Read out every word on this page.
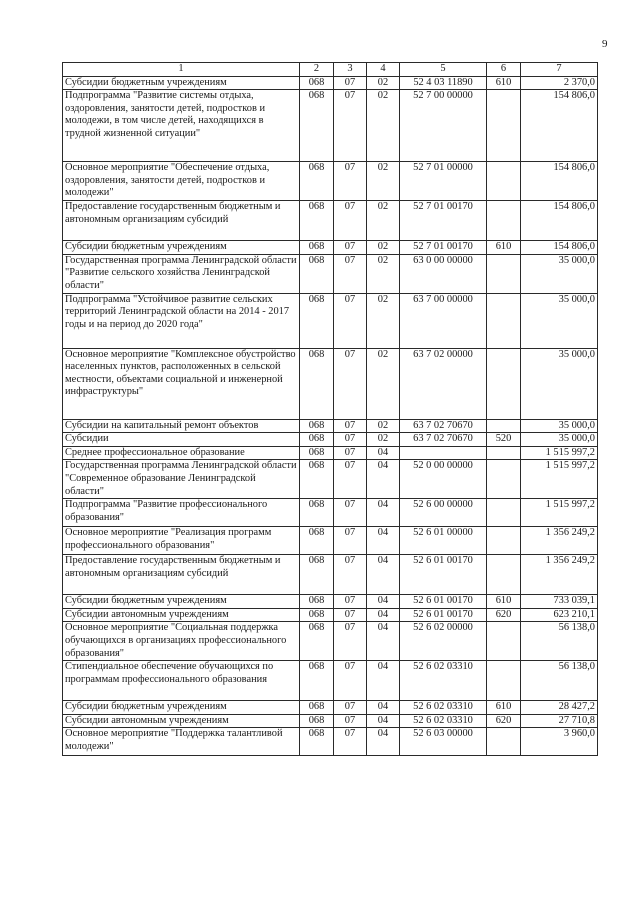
9
1	2	3	4	5	6	7
Субсидии бюджетным учреждениям	068	07	02	52 4 03 11890	610	2 370,0
Подпрограмма "Развитие системы отдыха, оздоровления, занятости детей, подростков и молодежи, в том числе детей, находящихся в трудной жизненной ситуации"	068	07	02	52 7 00 00000		154 806,0
Основное мероприятие "Обеспечение отдыха, оздоровления, занятости детей, подростков и молодежи"	068	07	02	52 7 01 00000		154 806,0
Предоставление государственным бюджетным и автономным организациям субсидий	068	07	02	52 7 01 00170		154 806,0
Субсидии бюджетным учреждениям	068	07	02	52 7 01 00170	610	154 806,0
Государственная программа Ленинградской области "Развитие сельского хозяйства Ленинградской области"	068	07	02	63 0 00 00000		35 000,0
Подпрограмма "Устойчивое развитие сельских территорий Ленинградской области на 2014 - 2017 годы и на период до 2020 года"	068	07	02	63 7 00 00000		35 000,0
Основное мероприятие "Комплексное обустройство населенных пунктов, расположенных в сельской местности, объектами социальной и инженерной инфраструктуры"	068	07	02	63 7 02 00000		35 000,0
Субсидии на капитальный ремонт объектов	068	07	02	63 7 02 70670		35 000,0
Субсидии	068	07	02	63 7 02 70670	520	35 000,0
Среднее профессиональное образование	068	07	04			1 515 997,2
Государственная программа Ленинградской области "Современное образование Ленинградской области"	068	07	04	52 0 00 00000		1 515 997,2
Подпрограмма "Развитие профессионального образования"	068	07	04	52 6 00 00000		1 515 997,2
Основное мероприятие "Реализация программ профессионального образования"	068	07	04	52 6 01 00000		1 356 249,2
Предоставление государственным бюджетным и автономным организациям субсидий	068	07	04	52 6 01 00170		1 356 249,2
Субсидии бюджетным учреждениям	068	07	04	52 6 01 00170	610	733 039,1
Субсидии автономным учреждениям	068	07	04	52 6 01 00170	620	623 210,1
Основное мероприятие "Социальная поддержка обучающихся в организациях профессионального образования"	068	07	04	52 6 02 00000		56 138,0
Стипендиальное обеспечение обучающихся по программам профессионального образования	068	07	04	52 6 02 03310		56 138,0
Субсидии бюджетным учреждениям	068	07	04	52 6 02 03310	610	28 427,2
Субсидии автономным учреждениям	068	07	04	52 6 02 03310	620	27 710,8
Основное мероприятие "Поддержка талантливой молодежи"	068	07	04	52 6 03 00000		3 960,0
